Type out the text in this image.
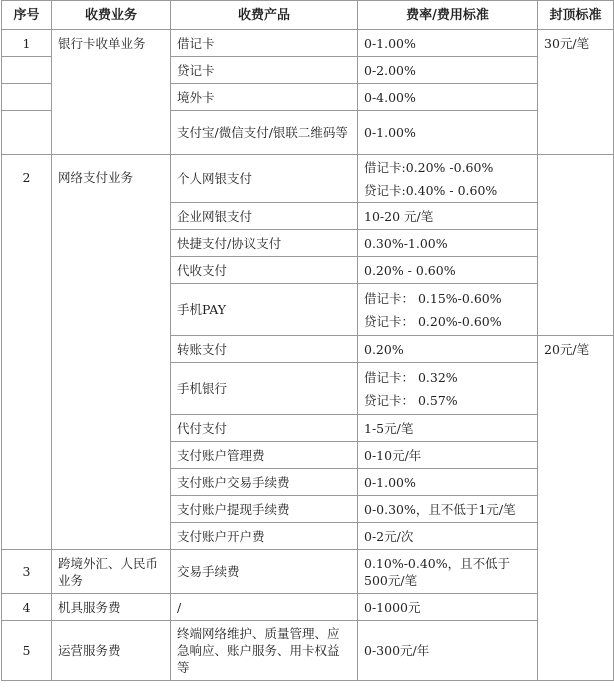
序号	收费业务	收费产品	费率/费用标准	封顶标准
1	银行卡收单业务	借记卡	0-1.00%	30元/笔
		贷记卡	0-2.00%	
		境外卡	0-4.00%	
		支付宝/微信支付/银联二维码等	0-1.00%	
2	网络支付业务	个人网银支付	借记卡:0.20% -0.60%
贷记卡:0.40% - 0.60%	

		企业网银支付	10-20 元/笔	
		快捷支付/协议支付	0.30%-1.00%	
		代收支付	0.20% - 0.60%	
		手机PAY	借记卡： 0.15%-0.60%
贷记卡： 0.20%-0.60%	

		转账支付	0.20%	20元/笔
		手机银行	借记卡： 0.32%
贷记卡： 0.57%	

		代付支付	1-5元/笔	
		支付账户管理费	0-10元/年	
		支付账户交易手续费	0-1.00%	
		支付账户提现手续费	0-0.30%，且不低于1元/笔	
		支付账户开户费	0-2元/次	
3	跨境外汇、人民币业务	交易手续费	0.10%-0.40%，且不低于500元/笔	
4	机具服务费	/	0-1000元	
5	运营服务费	终端网络维护、质量管理、应急响应、账户服务、用卡权益等	0-300元/年	
